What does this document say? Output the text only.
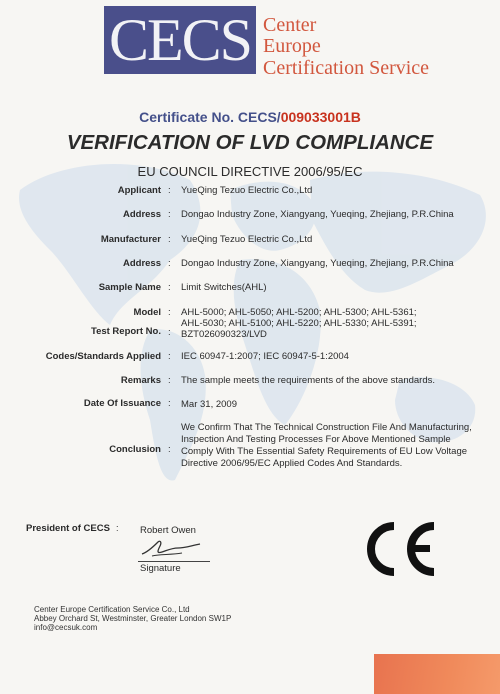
CECS Center
Europe
Certification Service
Certificate No. CECS/009033001B
VERIFICATION OF LVD COMPLIANCE
EU COUNCIL DIRECTIVE 2006/95/EC
Applicant : YueQing Tezuo Electric Co.,Ltd
Address : Dongao Industry Zone, Xiangyang, Yueqing, Zhejiang, P.R.China
Manufacturer : YueQing Tezuo Electric Co.,Ltd
Address : Dongao Industry Zone, Xiangyang, Yueqing, Zhejiang, P.R.China
Sample Name : Limit Switches(AHL)
Model : AHL-5000; AHL-5050; AHL-5200; AHL-5300; AHL-5361;
AHL-5030; AHL-5100; AHL-5220; AHL-5330; AHL-5391;
Test Report No. : BZT026090323/LVD
Codes/Standards Applied : IEC 60947-1:2007; IEC 60947-5-1:2004
Remarks : The sample meets the requirements of the above standards.
Date Of Issuance : Mar 31, 2009
Conclusion :
We Confirm That The Technical Construction File And Manufacturing, Inspection And Testing Processes For Above Mentioned Sample Comply With The Essential Safety Requirements of EU Low Voltage Directive 2006/95/EC Applied Codes And Standards.
President of CECS : Robert Owen
Signature
Center Europe Certification Service Co., Ltd
Abbey Orchard St, Westminster, Greater London SW1P
info@cecsuk.com
